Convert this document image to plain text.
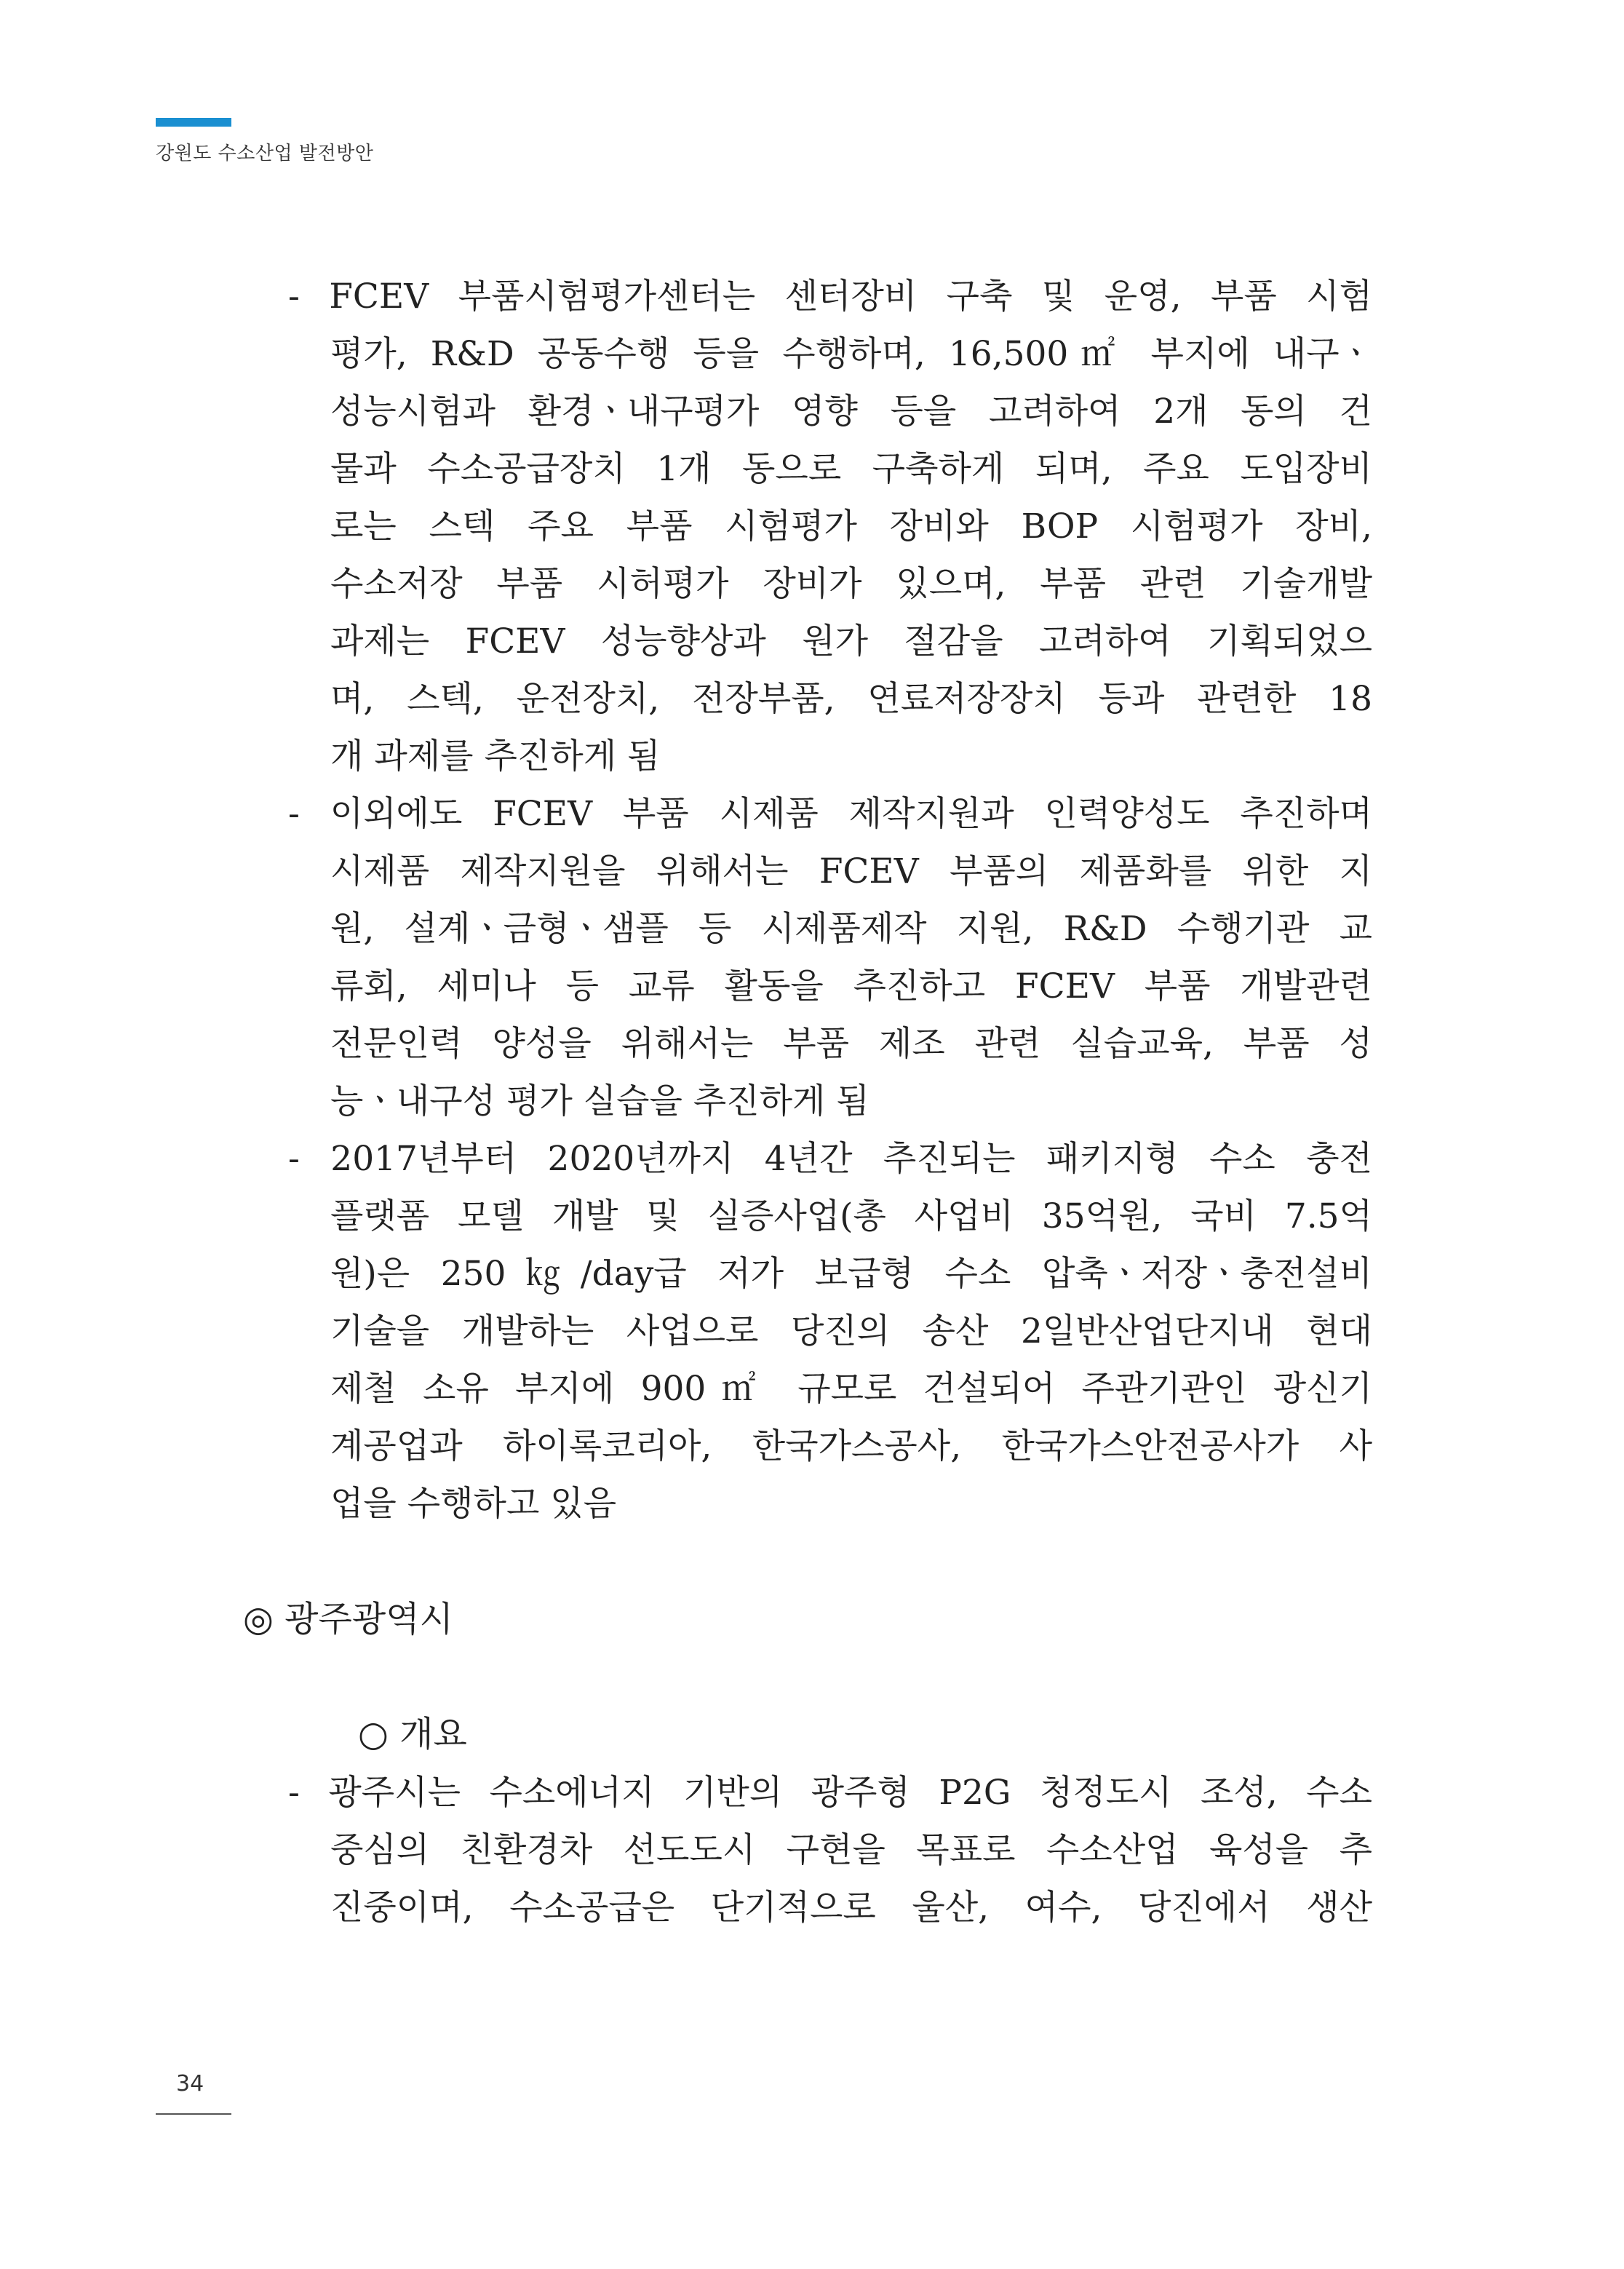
강원도 수소산업 발전방안
- FCEV 부품시험평가센터는 센터장비 구축 및 운영, 부품 시험
평가, R&D 공동수행 등을 수행하며, 16,500㎡ 부지에 내구ㆍ
성능시험과 환경ㆍ내구평가 영향 등을 고려하여 2개 동의 건
물과 수소공급장치 1개 동으로 구축하게 되며, 주요 도입장비
로는 스텍 주요 부품 시험평가 장비와 BOP 시험평가 장비,
수소저장 부품 시허평가 장비가 있으며, 부품 관련 기술개발
과제는 FCEV 성능향상과 원가 절감을 고려하여 기획되었으
며, 스텍, 운전장치, 전장부품, 연료저장장치 등과 관련한 18
개 과제를 추진하게 됨
- 이외에도 FCEV 부품 시제품 제작지원과 인력양성도 추진하며
시제품 제작지원을 위해서는 FCEV 부품의 제품화를 위한 지
원, 설계ㆍ금형ㆍ샘플 등 시제품제작 지원, R&D 수행기관 교
류회, 세미나 등 교류 활동을 추진하고 FCEV 부품 개발관련
전문인력 양성을 위해서는 부품 제조 관련 실습교육, 부품 성
능ㆍ내구성 평가 실습을 추진하게 됨
- 2017년부터 2020년까지 4년간 추진되는 패키지형 수소 충전
플랫폼 모델 개발 및 실증사업(총 사업비 35억원, 국비 7.5억
원)은 250㎏/day급 저가 보급형 수소 압축ㆍ저장ㆍ충전설비
기술을 개발하는 사업으로 당진의 송산 2일반산업단지내 현대
제철 소유 부지에 900㎡ 규모로 건설되어 주관기관인 광신기
계공업과 하이록코리아, 한국가스공사, 한국가스안전공사가 사
업을 수행하고 있음
◎ 광주광역시
○ 개요
- 광주시는 수소에너지 기반의 광주형 P2G 청정도시 조성, 수소
중심의 친환경차 선도도시 구현을 목표로 수소산업 육성을 추
진중이며, 수소공급은 단기적으로 울산, 여수, 당진에서 생산
34
